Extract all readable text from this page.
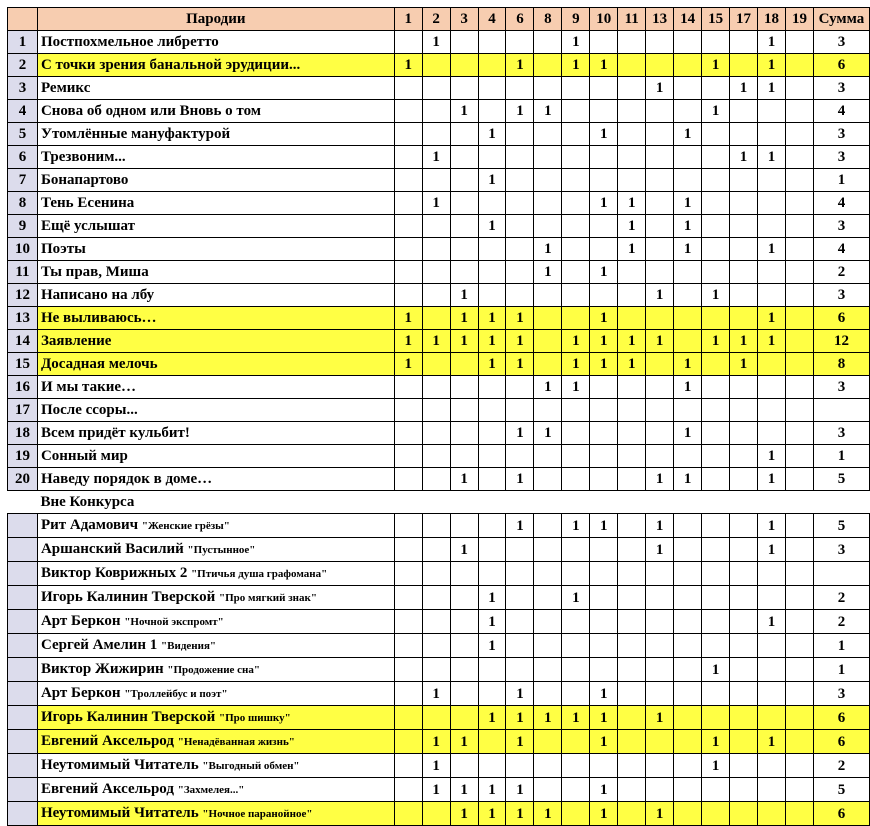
	Пародии	1	2	3	4	6	8	9	10	11	13	14	15	17	18	19	Сумма
1	Постпохмельное либретто		1					1							1		3
2	С точки зрения банальной эрудиции...	1				1		1	1				1		1		6
3	Ремикс										1			1	1		3
4	Снова об одном или Вновь о том			1		1	1						1				4
5	Утомлённые мануфактурой				1				1			1					3
6	Трезвоним...		1											1	1		3
7	Бонапартово				1												1
8	Тень Есенина		1						1	1		1					4
9	Ещё услышат				1					1		1					3
10	Поэты						1			1		1			1		4
11	Ты прав, Миша						1		1								2
12	Написано на лбу			1							1		1				3
13	Не выливаюсь…	1		1	1	1			1						1		6
14	Заявление	1	1	1	1	1		1	1	1	1		1	1	1		12
15	Досадная мелочь	1			1	1		1	1	1		1		1			8
16	И мы такие…						1	1				1					3
17	После ссоры...																
18	Всем придёт кульбит!					1	1					1					3
19	Сонный мир														1		1
20	Наведу порядок в доме…			1		1					1	1			1		5
	Вне Конкурса																
	Рит Адамович "Женские грёзы"					1		1	1		1				1		5
	Аршанский Василий "Пустынное"			1							1				1		3
	Виктор Коврижных 2 "Птичья душа графомана"																
	Игорь Калинин Тверской "Про мягкий знак"				1			1									2
	Арт Беркон "Ночной экспромт"				1										1		2
	Сергей Амелин 1 "Видения"				1												1
	Виктор Жижирин "Продожение сна"												1				1
	Арт Беркон "Троллейбус и поэт"		1			1			1								3
	Игорь Калинин Тверской "Про шишку"				1	1	1	1	1		1						6
	Евгений Аксельрод "Ненадёванная жизнь"		1	1		1			1				1		1		6
	Неутомимый Читатель "Выгодный обмен"		1										1				2
	Евгений Аксельрод "Захмелея..."		1	1	1	1			1								5
	Неутомимый Читатель "Ночное паранойное"			1	1	1	1		1		1						6
